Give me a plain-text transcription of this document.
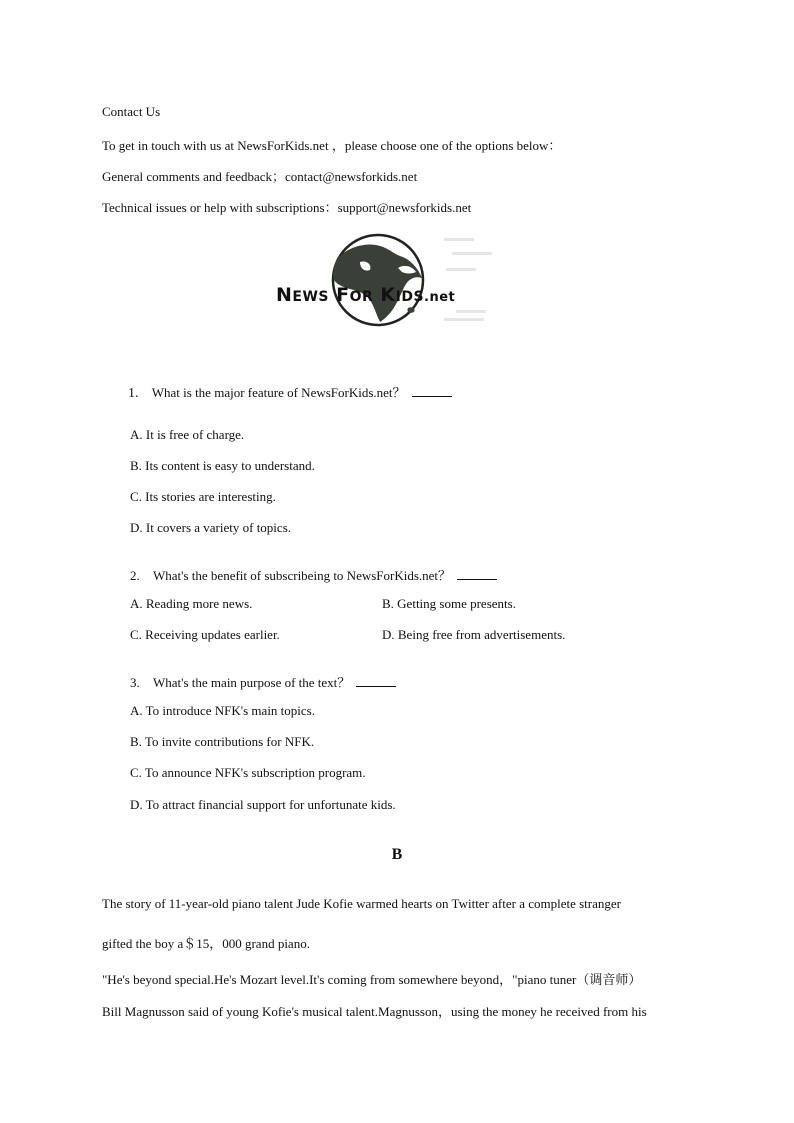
Contact Us
To get in touch with us at NewsForKids.net ，please choose one of the options below：
General comments and feedback；contact@newsforkids.net
Technical issues or help with subscriptions：support@newsforkids.net
NEWS FOR KIDS.net
1. What is the major feature of NewsForKids.net？
A. It is free of charge.
B. Its content is easy to understand.
C. Its stories are interesting.
D. It covers a variety of topics.
2. What's the benefit of subscribeing to NewsForKids.net？
A. Reading more news.	B. Getting some presents.
C. Receiving updates earlier.	D. Being free from advertisements.
3. What's the main purpose of the text？
A. To introduce NFK's main topics.
B. To invite contributions for NFK.
C. To announce NFK's subscription program.
D. To attract financial support for unfortunate kids.
B
The story of 11-year-old piano talent Jude Kofie warmed hearts on Twitter after a complete stranger
gifted the boy a＄15，000 grand piano.
"He's beyond special.He's Mozart level.It's coming from somewhere beyond，"piano tuner（调音师）
Bill Magnusson said of young Kofie's musical talent.Magnusson，using the money he received from his
